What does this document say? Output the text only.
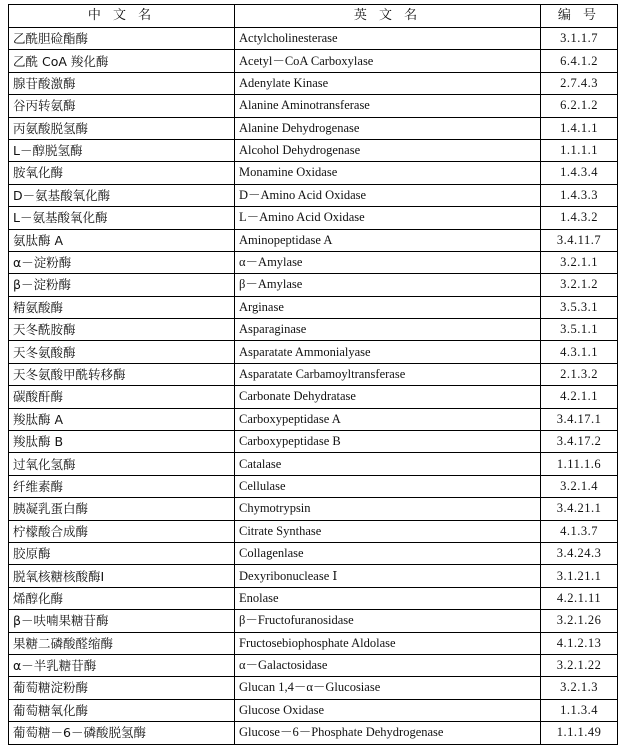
中 文 名	英 文 名	编 号
乙酰胆硷酯酶	Actylcholinesterase	3.1.1.7
乙酰 CoA 羧化酶	Acetyl－CoA Carboxylase	6.4.1.2
腺苷酸激酶	Adenylate Kinase	2.7.4.3
谷丙转氨酶	Alanine Aminotransferase	6.2.1.2
丙氨酸脱氢酶	Alanine Dehydrogenase	1.4.1.1
L－醇脱氢酶	Alcohol Dehydrogenase	1.1.1.1
胺氧化酶	Monamine Oxidase	1.4.3.4
D－氨基酸氧化酶	D－Amino Acid Oxidase	1.4.3.3
L－氨基酸氧化酶	L－Amino Acid Oxidase	1.4.3.2
氨肽酶 A	Aminopeptidase A	3.4.11.7
α－淀粉酶	α－Amylase	3.2.1.1
β－淀粉酶	β－Amylase	3.2.1.2
精氨酸酶	Arginase	3.5.3.1
天冬酰胺酶	Asparaginase	3.5.1.1
天冬氨酸酶	Asparatate Ammonialyase	4.3.1.1
天冬氨酸甲酰转移酶	Asparatate Carbamoyltransferase	2.1.3.2
碳酸酐酶	Carbonate Dehydratase	4.2.1.1
羧肽酶 A	Carboxypeptidase A	3.4.17.1
羧肽酶 B	Carboxypeptidase B	3.4.17.2
过氧化氢酶	Catalase	1.11.1.6
纤维素酶	Cellulase	3.2.1.4
胰凝乳蛋白酶	Chymotrypsin	3.4.21.1
柠檬酸合成酶	Citrate Synthase	4.1.3.7
胶原酶	Collagenlase	3.4.24.3
脱氧核糖核酸酶Ⅰ	Dexyribonuclease Ⅰ	3.1.21.1
烯醇化酶	Enolase	4.2.1.11
β－呋喃果糖苷酶	β－Fructofuranosidase	3.2.1.26
果糖二磷酸醛缩酶	Fructosebiophosphate Aldolase	4.1.2.13
α－半乳糖苷酶	α－Galactosidase	3.2.1.22
葡萄糖淀粉酶	Glucan 1,4－α－Glucosiase	3.2.1.3
葡萄糖氧化酶	Glucose Oxidase	1.1.3.4
葡萄糖－6－磷酸脱氢酶	Glucose－6－Phosphate Dehydrogenase	1.1.1.49
